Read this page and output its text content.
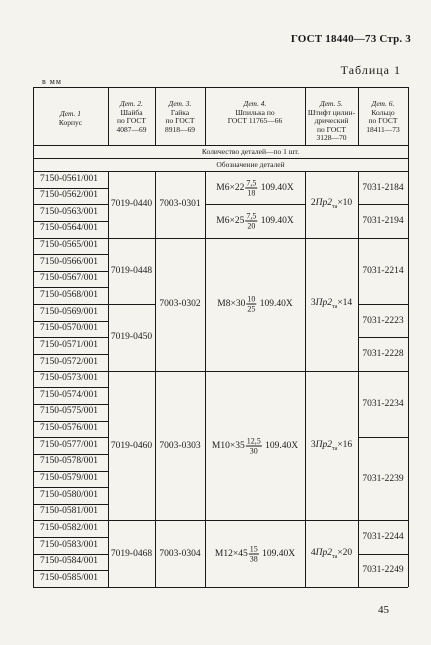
ГОСТ 18440—73 Стр. 3
Таблица 1
в мм
Дет. 1
Корпус
Дет. 2.
Шайба
по ГОСТ
4087—69
Дет. 3.
Гайка
по ГОСТ
8918—69
Дет. 4.
Шпилька по
ГОСТ 11765—66
Дет. 5.
Штифт цилин-
дрический
по ГОСТ
3128—70
Дет. 6.
Кольцо
по ГОСТ
18411—73
Количество деталей—по 1 шт.
Обозначение деталей
7150-0561/001
7150-0562/001
7150-0563/001
7150-0564/001
7150-0565/001
7150-0566/001
7150-0567/001
7150-0568/001
7150-0569/001
7150-0570/001
7150-0571/001
7150-0572/001
7150-0573/001
7150-0574/001
7150-0575/001
7150-0576/001
7150-0577/001
7150-0578/001
7150-0579/001
7150-0580/001
7150-0581/001
7150-0582/001
7150-0583/001
7150-0584/001
7150-0585/001
7019-0440
7019-0448
7019-0450
7019-0460
7019-0468
7003-0301
7003-0302
7003-0303
7003-0304
$М6\times 22 \frac{7,5}{18} 109.40Х$
$М6\times 25 \frac{7,5}{20} 109.40Х$
$М8\times 30 \frac{10}{25} 109.40Х$
$М10\times 35 \frac{12,5}{30} 109.40Х$
$М12\times 45 \frac{15}{38} 109.40Х$
$2Пр2_{та}\times 10$
$3Пр2_{та}\times 14$
$3Пр2_{та}\times 16$
$4Пр2_{та}\times 20$
7031-2184
7031-2194
7031-2214
7031-2223
7031-2228
7031-2234
7031-2239
7031-2244
7031-2249
45
